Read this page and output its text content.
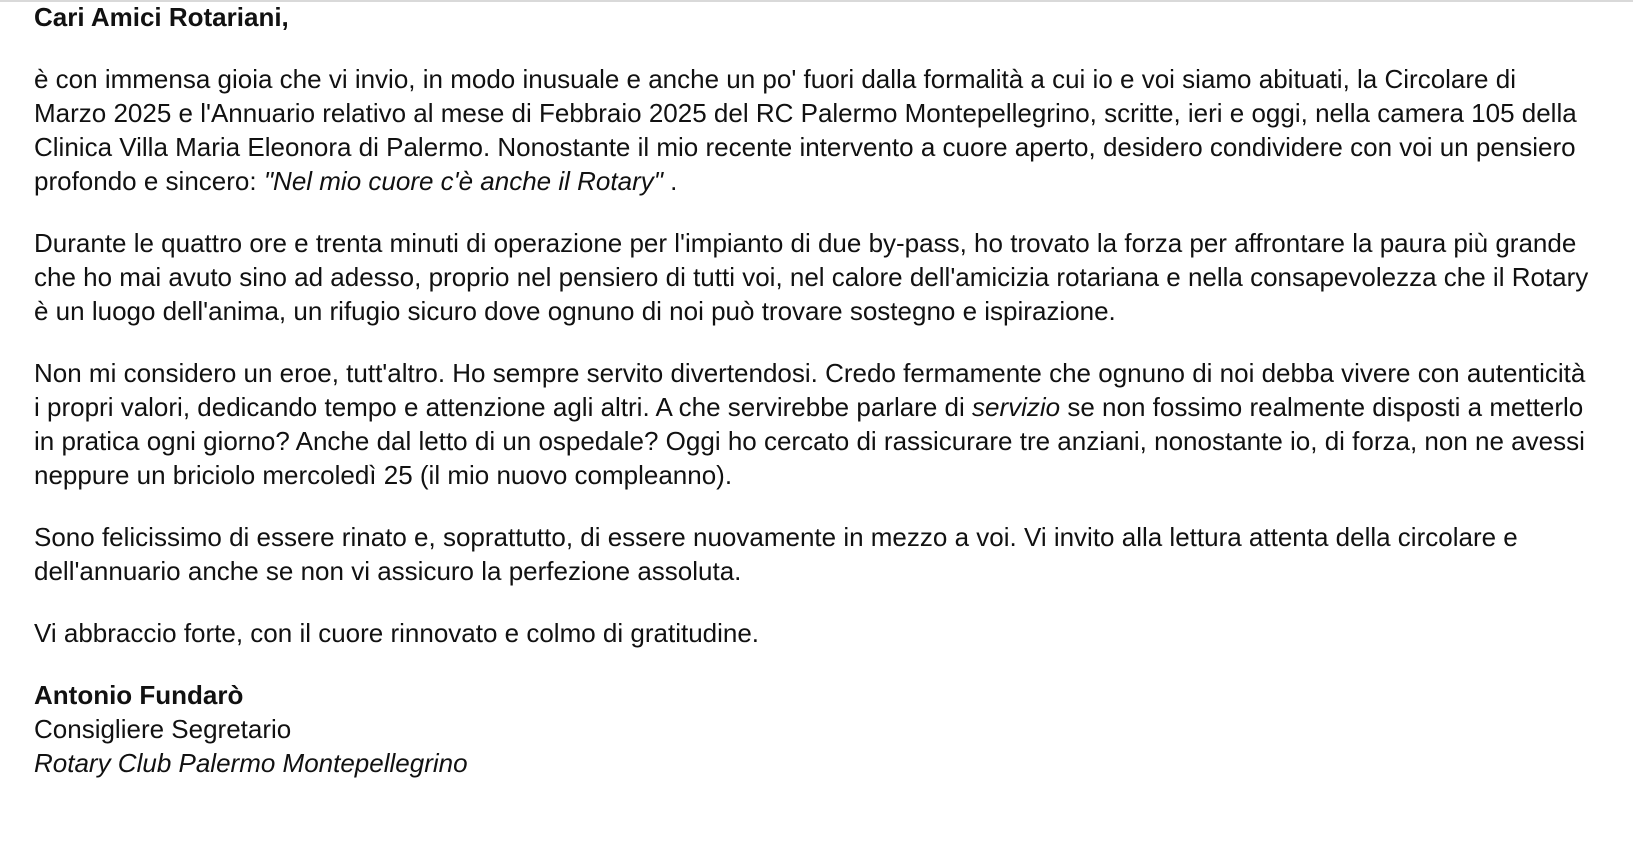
Cari Amici Rotariani,

è con immensa gioia che vi invio, in modo inusuale e anche un po' fuori dalla formalità a cui io e voi siamo abituati, la Circolare di Marzo 2025 e l'Annuario relativo al mese di Febbraio 2025 del RC Palermo Montepellegrino, scritte, ieri e oggi, nella camera 105 della Clinica Villa Maria Eleonora di Palermo. Nonostante il mio recente intervento a cuore aperto, desidero condividere con voi un pensiero profondo e sincero: "Nel mio cuore c'è anche il Rotary" .

Durante le quattro ore e trenta minuti di operazione per l'impianto di due by-pass, ho trovato la forza per affrontare la paura più grande che ho mai avuto sino ad adesso, proprio nel pensiero di tutti voi, nel calore dell'amicizia rotariana e nella consapevolezza che il Rotary è un luogo dell'anima, un rifugio sicuro dove ognuno di noi può trovare sostegno e ispirazione.

Non mi considero un eroe, tutt'altro. Ho sempre servito divertendosi. Credo fermamente che ognuno di noi debba vivere con autenticità i propri valori, dedicando tempo e attenzione agli altri. A che servirebbe parlare di servizio se non fossimo realmente disposti a metterlo in pratica ogni giorno? Anche dal letto di un ospedale? Oggi ho cercato di rassicurare tre anziani, nonostante io, di forza, non ne avessi neppure un briciolo mercoledì 25 (il mio nuovo compleanno).

Sono felicissimo di essere rinato e, soprattutto, di essere nuovamente in mezzo a voi. Vi invito alla lettura attenta della circolare e dell'annuario anche se non vi assicuro la perfezione assoluta.

Vi abbraccio forte, con il cuore rinnovato e colmo di gratitudine.

Antonio Fundarò
Consigliere Segretario
Rotary Club Palermo Montepellegrino
